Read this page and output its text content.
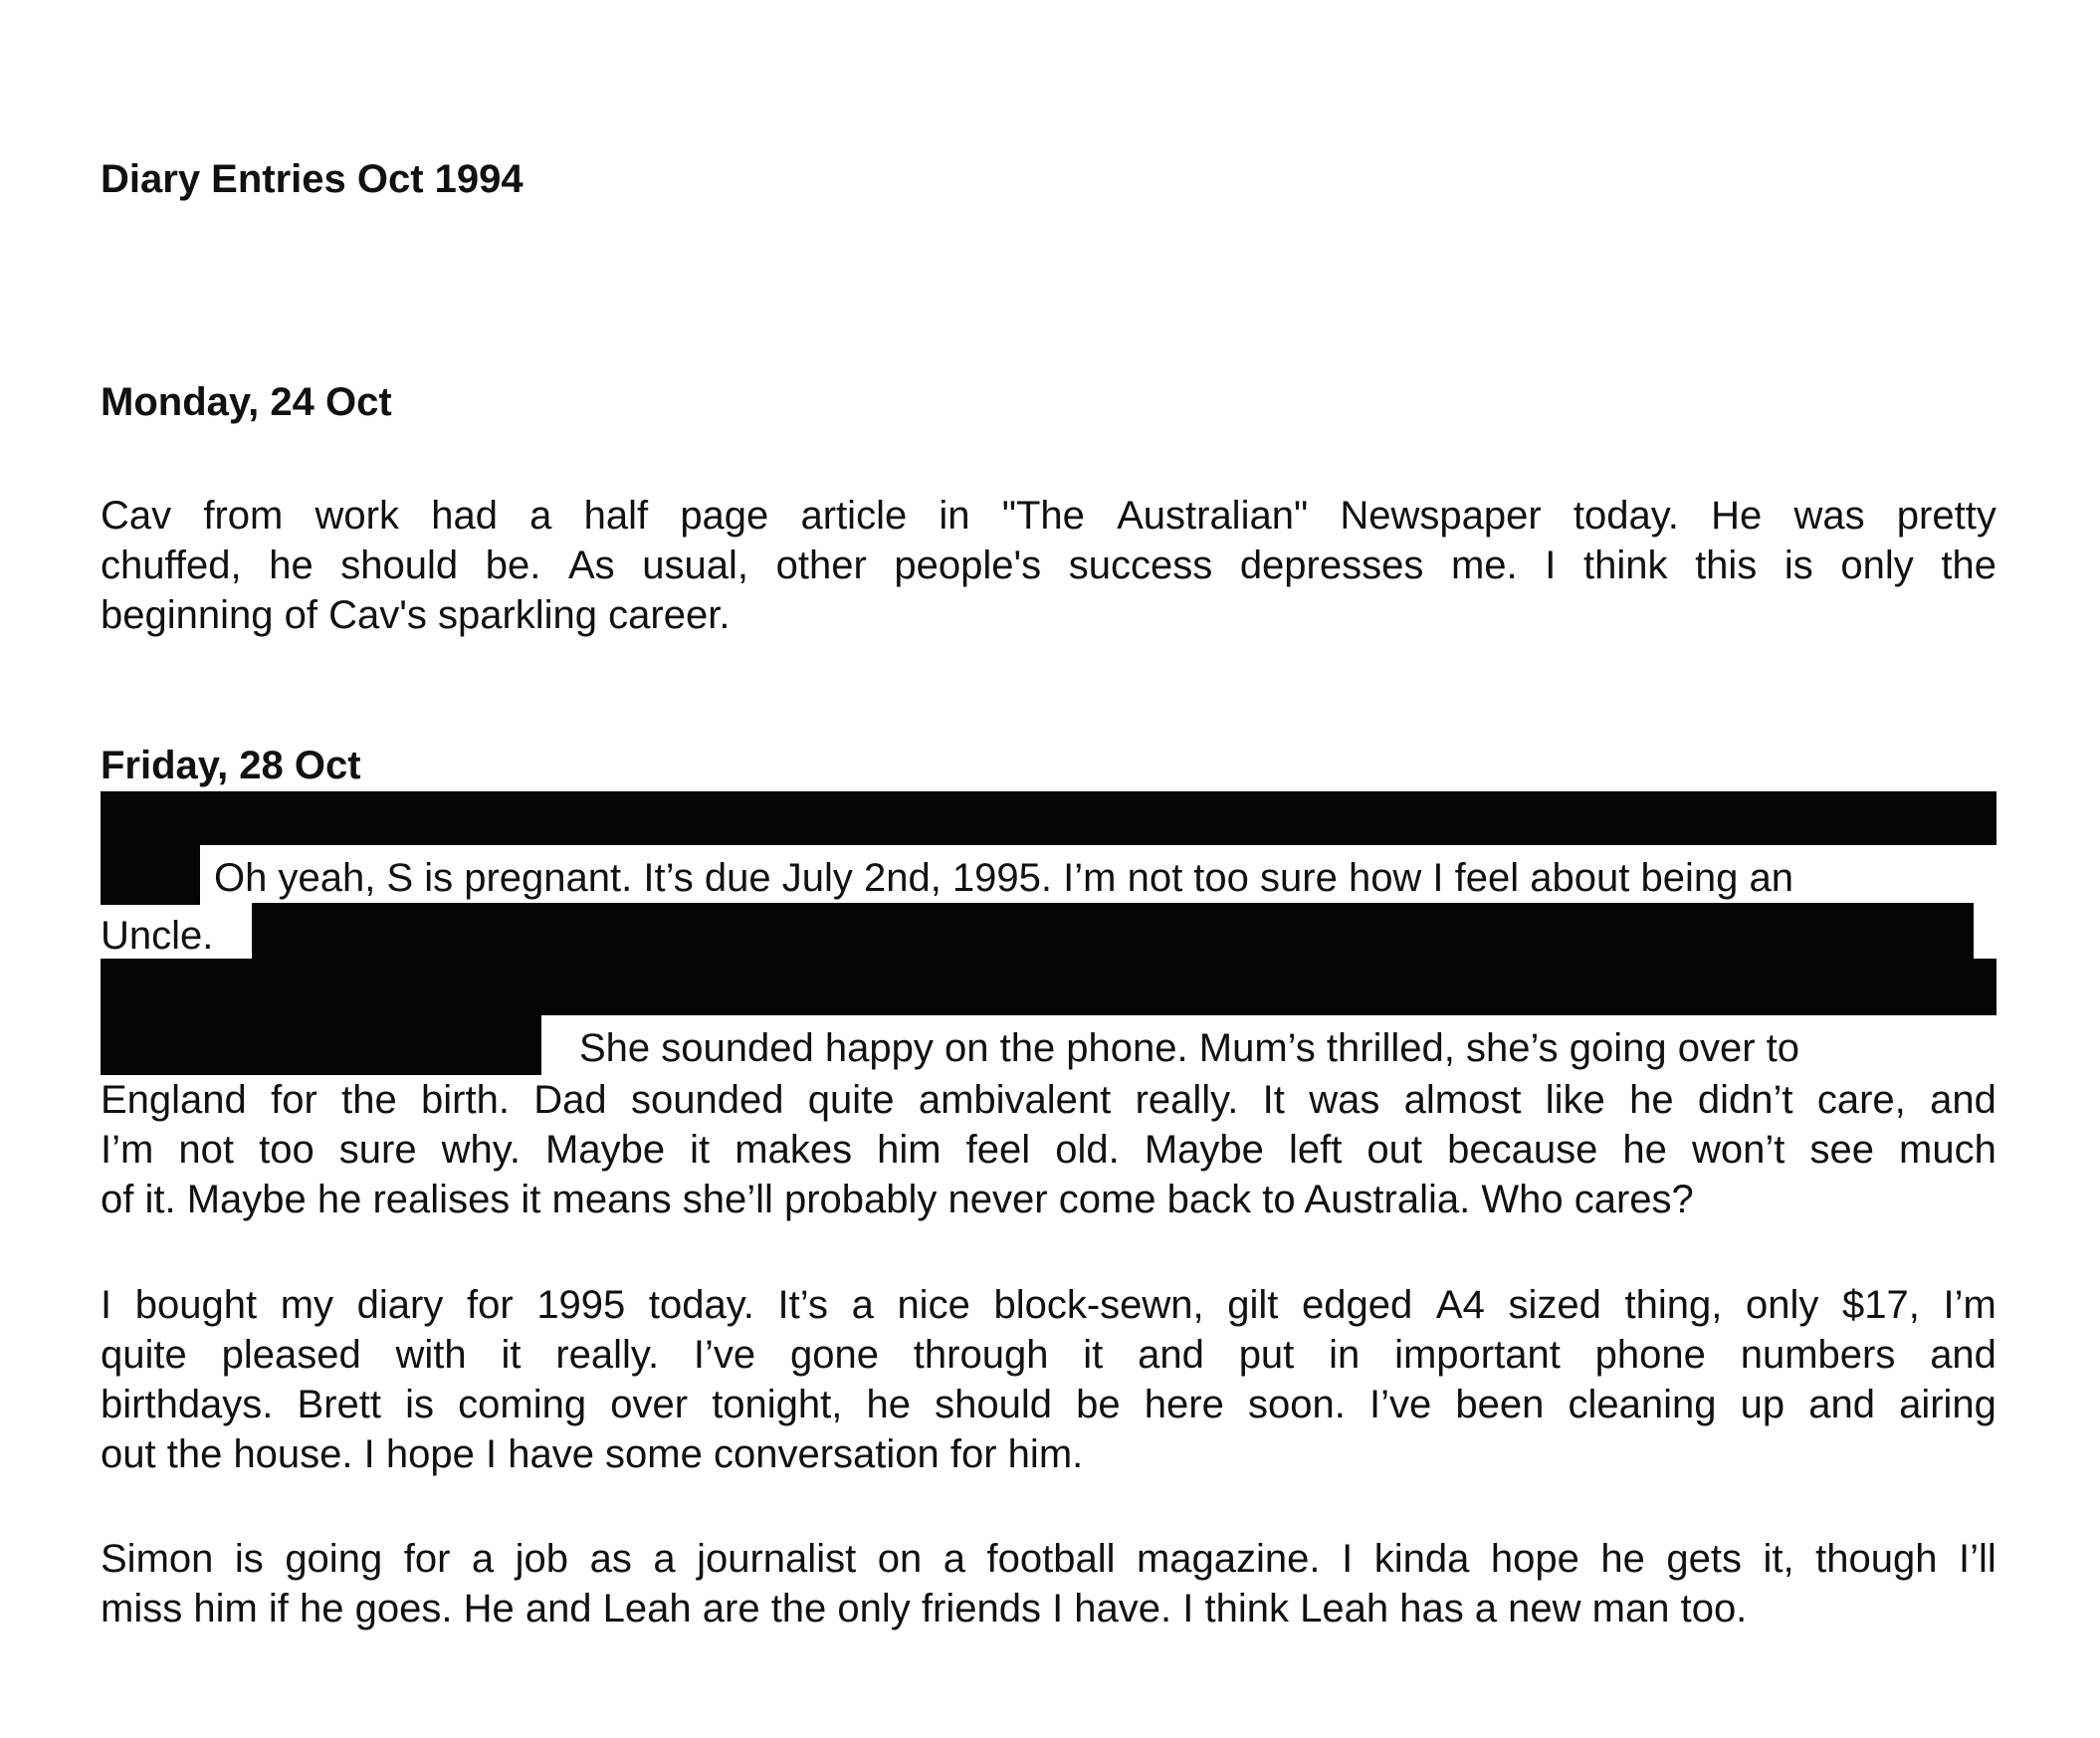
Diary Entries Oct 1994
Monday, 24 Oct
Cav from work had a half page article in "The Australian" Newspaper today. He was pretty
chuffed, he should be. As usual, other people's success depresses me. I think this is only the
beginning of Cav's sparkling career.
Friday, 28 Oct
Oh yeah, S is pregnant. It’s due July 2nd, 1995. I’m not too sure how I feel about being an
Uncle.
She sounded happy on the phone. Mum’s thrilled, she’s going over to
England for the birth. Dad sounded quite ambivalent really. It was almost like he didn’t care, and
I’m not too sure why. Maybe it makes him feel old. Maybe left out because he won’t see much
of it. Maybe he realises it means she’ll probably never come back to Australia. Who cares?
I bought my diary for 1995 today. It’s a nice block-sewn, gilt edged A4 sized thing, only $17, I’m
quite pleased with it really. I’ve gone through it and put in important phone numbers and
birthdays. Brett is coming over tonight, he should be here soon. I’ve been cleaning up and airing
out the house. I hope I have some conversation for him.
Simon is going for a job as a journalist on a football magazine. I kinda hope he gets it, though I’ll
miss him if he goes. He and Leah are the only friends I have. I think Leah has a new man too.
